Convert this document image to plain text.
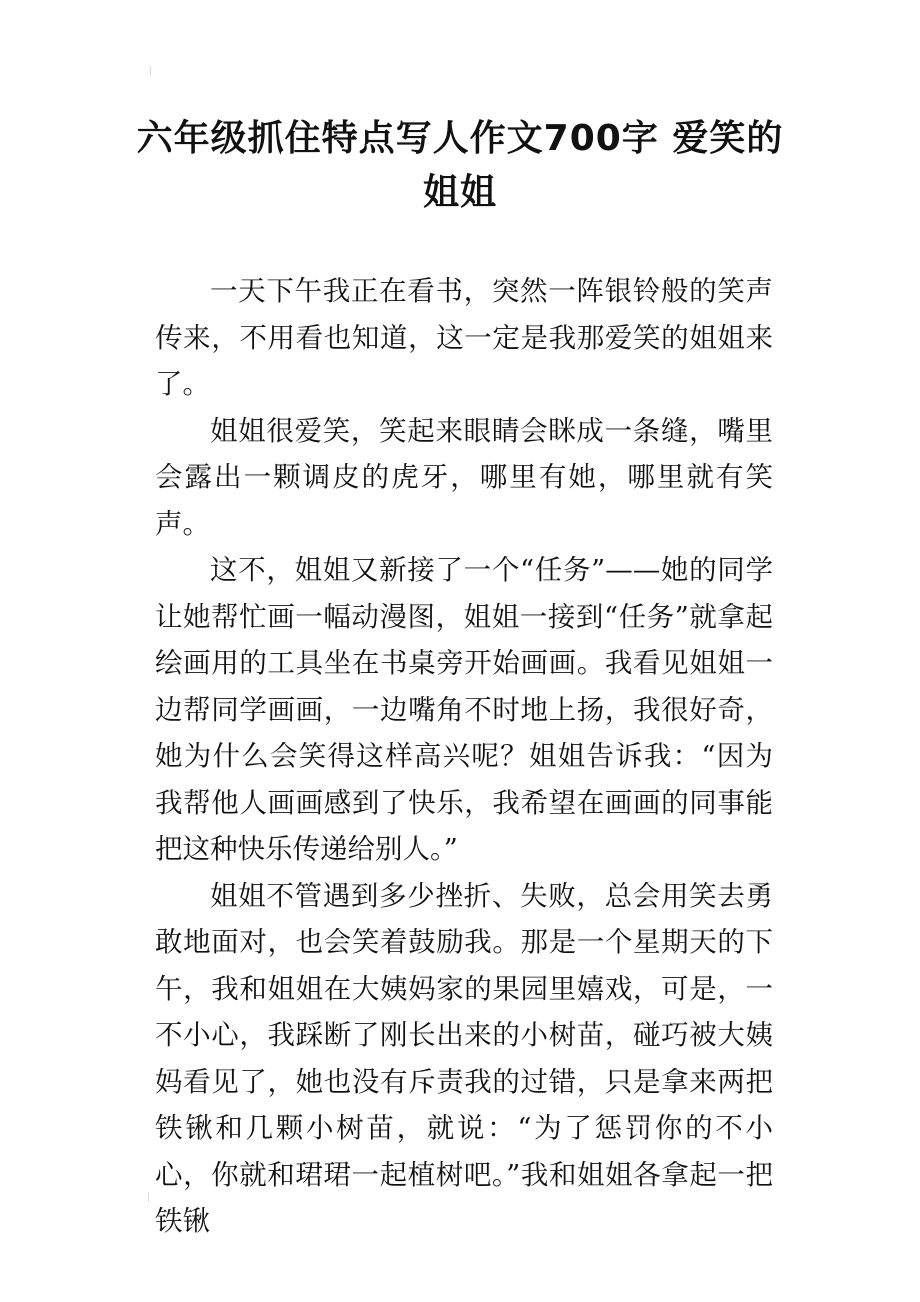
六年级抓住特点写人作文700字 爱笑的姐姐

一天下午我正在看书，突然一阵银铃般的笑声传来，不用看也知道，这一定是我那爱笑的姐姐来了。

姐姐很爱笑，笑起来眼睛会眯成一条缝，嘴里会露出一颗调皮的虎牙，哪里有她，哪里就有笑声。

这不，姐姐又新接了一个“任务”——她的同学让她帮忙画一幅动漫图，姐姐一接到“任务”就拿起绘画用的工具坐在书桌旁开始画画。我看见姐姐一边帮同学画画，一边嘴角不时地上扬，我很好奇，她为什么会笑得这样高兴呢？姐姐告诉我：“因为我帮他人画画感到了快乐，我希望在画画的同事能把这种快乐传递给别人。”

姐姐不管遇到多少挫折、失败，总会用笑去勇敢地面对，也会笑着鼓励我。那是一个星期天的下午，我和姐姐在大姨妈家的果园里嬉戏，可是，一不小心，我踩断了刚长出来的小树苗，碰巧被大姨妈看见了，她也没有斥责我的过错，只是拿来两把铁锹和几颗小树苗，就说：“为了惩罚你的不小心，你就和珺珺一起植树吧。”我和姐姐各拿起一把铁锹
